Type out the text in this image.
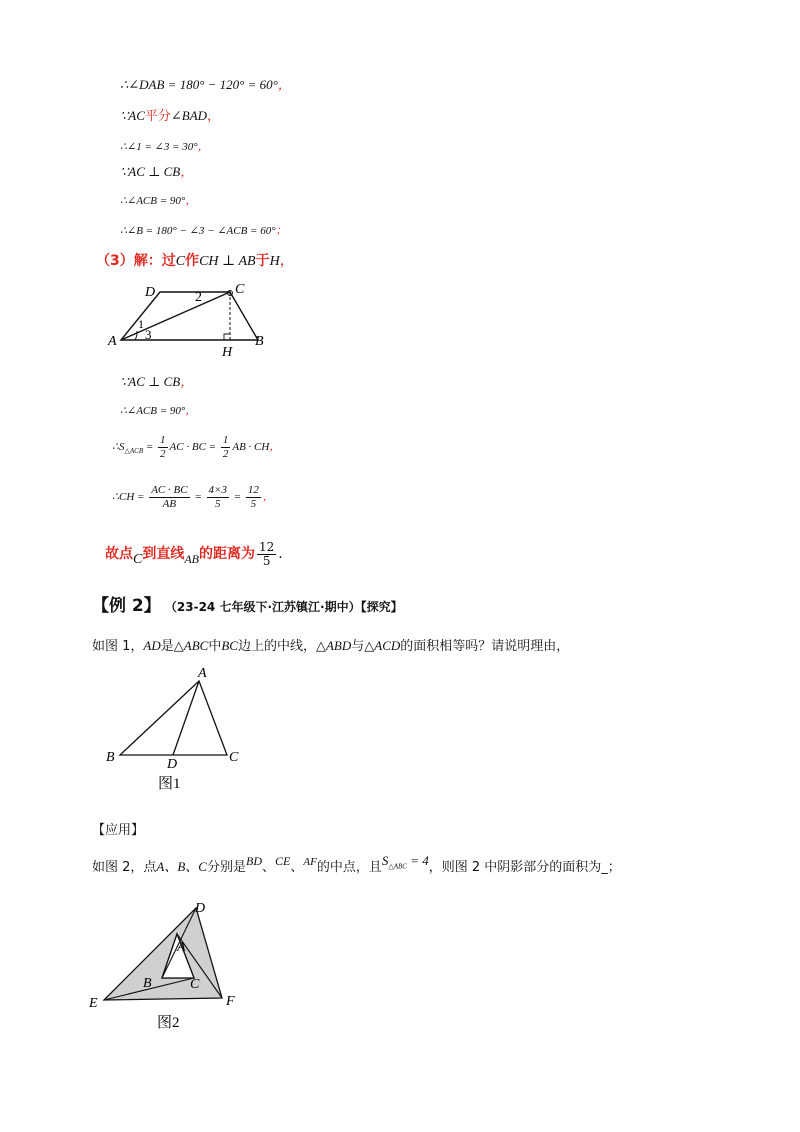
∴∠DAB = 180° − 120° = 60°，
∵AC平分∠BAD，
∴∠1 = ∠3 = 30°，
∵AC ⊥ CB，
∴∠ACB = 90°，
∴∠B = 180° − ∠3 − ∠ACB = 60°；
（3）解：过C作CH ⊥ AB于H，
D	C
A	B
H
1
2
3
∵AC ⊥ CB，
∴∠ACB = 90°，
$\therefore S_{\triangle ACB} = \frac{1}{2}$ AC · BC = $\frac{1}{2}$ AB · CH，
∴CH = $\frac{AC \cdot BC}{AB} = \frac{4\times 3}{5} = \frac{12}{5}$ ，
故点C到直线AB的距离为 $\frac{12}{5}$ .
【例 2】 （23-24 七年级下·江苏镇江·期中）【探究】
如图 1，AD是△ABC中BC边上的中线，△ABD与△ACD的面积相等吗？请说明理由，
A
B	C
D
图1
【应用】
如图 2，点A、B、C分别是BD、CE、$^{AF}$的中点，且$S_{\triangle ABC} = 4$，则图 2 中阴影部分的面积为_；
D
A
B	C
E	F
图2
